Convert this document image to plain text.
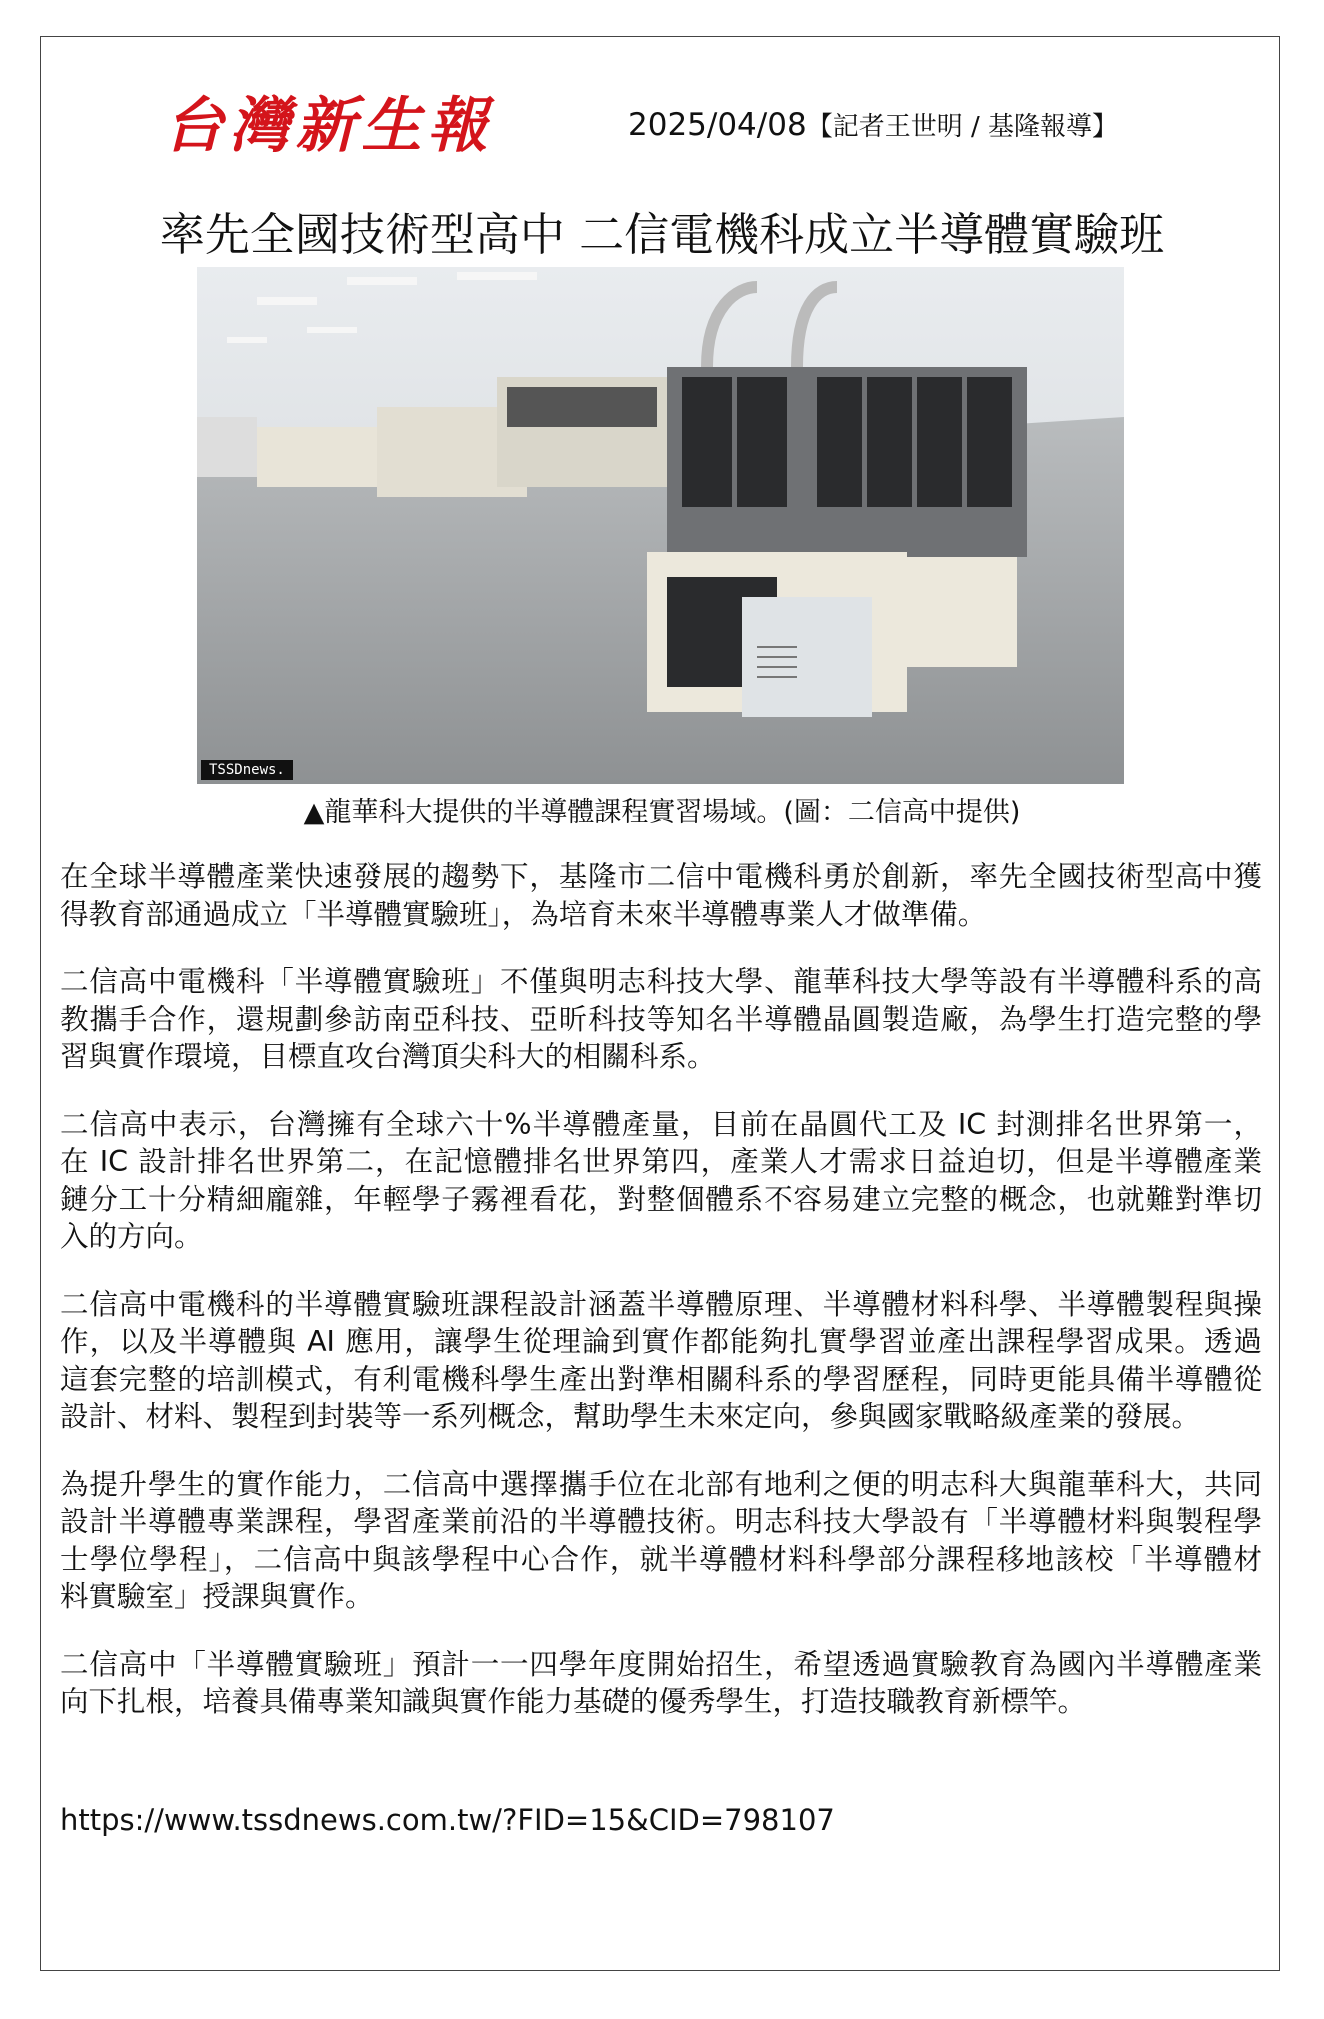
台灣新生報	2025/04/08【記者王世明 / 基隆報導】
率先全國技術型高中 二信電機科成立半導體實驗班
TSSDnews.
▲龍華科大提供的半導體課程實習場域。(圖：二信高中提供)
在全球半導體產業快速發展的趨勢下，基隆市二信中電機科勇於創新，率先全國技術型高中獲
得教育部通過成立「半導體實驗班」，為培育未來半導體專業人才做準備。
二信高中電機科「半導體實驗班」不僅與明志科技大學、龍華科技大學等設有半導體科系的高
教攜手合作，還規劃參訪南亞科技、亞昕科技等知名半導體晶圓製造廠，為學生打造完整的學
習與實作環境，目標直攻台灣頂尖科大的相關科系。
二信高中表示，台灣擁有全球六十%半導體產量，目前在晶圓代工及 IC 封測排名世界第一，
在 IC 設計排名世界第二，在記憶體排名世界第四，產業人才需求日益迫切，但是半導體產業
鏈分工十分精細龐雜，年輕學子霧裡看花，對整個體系不容易建立完整的概念，也就難對準切
入的方向。
二信高中電機科的半導體實驗班課程設計涵蓋半導體原理、半導體材料科學、半導體製程與操
作，以及半導體與 AI 應用，讓學生從理論到實作都能夠扎實學習並產出課程學習成果。透過
這套完整的培訓模式，有利電機科學生產出對準相關科系的學習歷程，同時更能具備半導體從
設計、材料、製程到封裝等一系列概念，幫助學生未來定向，參與國家戰略級產業的發展。
為提升學生的實作能力，二信高中選擇攜手位在北部有地利之便的明志科大與龍華科大，共同
設計半導體專業課程，學習產業前沿的半導體技術。明志科技大學設有「半導體材料與製程學
士學位學程」，二信高中與該學程中心合作，就半導體材料科學部分課程移地該校「半導體材
料實驗室」授課與實作。
二信高中「半導體實驗班」預計一一四學年度開始招生，希望透過實驗教育為國內半導體產業
向下扎根，培養具備專業知識與實作能力基礎的優秀學生，打造技職教育新標竿。
https://www.tssdnews.com.tw/?FID=15&CID=798107
